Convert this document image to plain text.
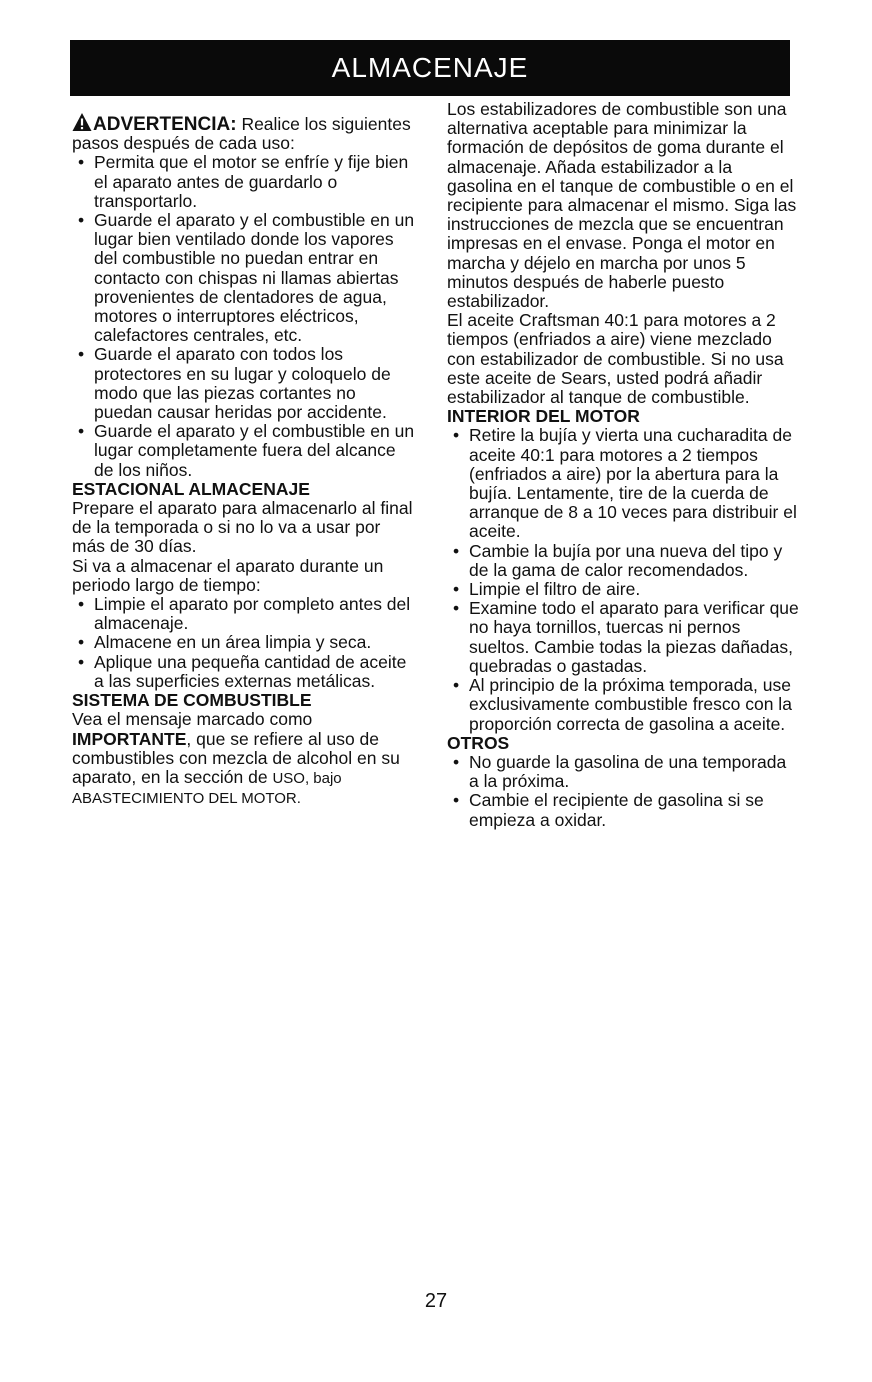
ALMACENAJE

ADVERTENCIA: Realice los siguientes pasos después de cada uso:

• Permita que el motor se enfríe y fije bien el aparato antes de guardarlo o transportarlo.
• Guarde el aparato y el combustible en un lugar bien ventilado donde los vapores del combustible no puedan entrar en contacto con chispas ni llamas abiertas provenientes de clentadores de agua, motores o interruptores eléctricos, calefactores centrales, etc.
• Guarde el aparato con todos los protectores en su lugar y coloquelo de modo que las piezas cortantes no puedan causar heridas por accidente.
• Guarde el aparato y el combustible en un lugar completamente fuera del alcance de los niños.

ESTACIONAL ALMACENAJE

Prepare el aparato para almacenarlo al final de la temporada o si no lo va a usar por más de 30 días.

Si va a almacenar el aparato durante un periodo largo de tiempo:

• Limpie el aparato por completo antes del almacenaje.
• Almacene en un área limpia y seca.
• Aplique una pequeña cantidad de aceite a las superficies externas metálicas.

SISTEMA DE COMBUSTIBLE

Vea el mensaje marcado como IMPORTANTE, que se refiere al uso de combustibles con mezcla de alcohol en su aparato, en la sección de USO, bajo ABASTECIMIENTO DEL MOTOR.

Los estabilizadores de combustible son una alternativa aceptable para minimizar la formación de depósitos de goma durante el almacenaje. Añada estabilizador a la gasolina en el tanque de combustible o en el recipiente para almacenar el mismo. Siga las instrucciones de mezcla que se encuentran impresas en el envase. Ponga el motor en marcha y déjelo en marcha por unos 5 minutos después de haberle puesto estabilizador.

El aceite Craftsman 40:1 para motores a 2 tiempos (enfriados a aire) viene mezclado con estabilizador de combustible. Si no usa este aceite de Sears, usted podrá añadir estabilizador al tanque de combustible.

INTERIOR DEL MOTOR

• Retire la bujía y vierta una cucharadita de aceite 40:1 para motores a 2 tiempos (enfriados a aire) por la abertura para la bujía. Lentamente, tire de la cuerda de arranque de 8 a 10 veces para distribuir el aceite.
• Cambie la bujía por una nueva del tipo y de la gama de calor recomendados.
• Limpie el filtro de aire.
• Examine todo el aparato para verificar que no haya tornillos, tuercas ni pernos sueltos. Cambie todas la piezas dañadas, quebradas o gastadas.
• Al principio de la próxima temporada, use exclusivamente combustible fresco con la proporción correcta de gasolina a aceite.

OTROS

• No guarde la gasolina de una temporada a la próxima.
• Cambie el recipiente de gasolina si se empieza a oxidar.
27
